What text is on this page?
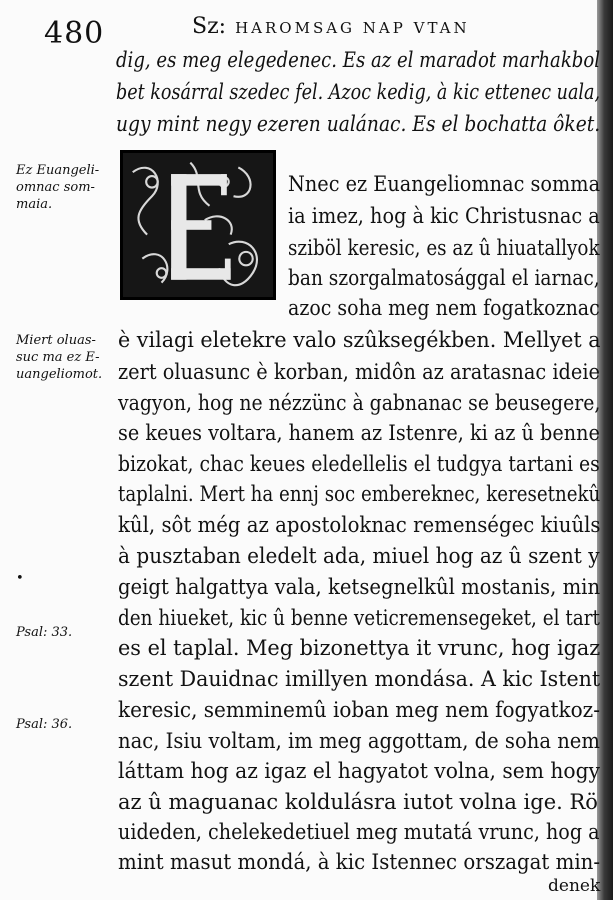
480	Sz: HAROMSAG NAP VTAN
dig, es meg elegedenec. Es az el maradot marhakbol
bet kosárral szedec fel. Azoc kedig, à kic ettenec uala,
ugy mint negy ezeren ualánac. Es el bochatta ôket.
Ez Euangeli-
omnac som-
maia.
Miert oluas-
suc ma ez E-
uangeliomot.
•
Psal: 33.
Psal: 36.
Nnec ez Euangeliomnac somma
ia imez, hog à kic Christusnac a
sziböl keresic, es az û hiuatallyok
ban szorgalmatosággal el iarnac,
azoc soha meg nem fogatkoznac
è vilagi eletekre valo szûksegékben. Mellyet a
zert oluasunc è korban, midôn az aratasnac ideie
vagyon, hog ne nézzünc à gabnanac se beusegere,
se keues voltara, hanem az Istenre, ki az û benne
bizokat, chac keues eledellelis el tudgya tartani es
taplalni. Mert ha ennj soc embereknec, keresetnekû
kûl, sôt még az apostoloknac remenségec kiuûls
à pusztaban eledelt ada, miuel hog az û szent y
geigt halgattya vala, ketsegnelkûl mostanis, min
den hiueket, kic û benne veticremensegeket, el tart
es el taplal. Meg bizonettya it vrunc, hog igaz
szent Dauidnac imillyen mondása. A kic Istent
keresic, semminemû ioban meg nem fogyatkoz-
nac, Isiu voltam, im meg aggottam, de soha nem
láttam hog az igaz el hagyatot volna, sem hogy
az û maguanac koldulásra iutot volna ige. Rö
uideden, chelekedetiuel meg mutatá vrunc, hog a
mint masut mondá, à kic Istennec orszagat min-
denek
